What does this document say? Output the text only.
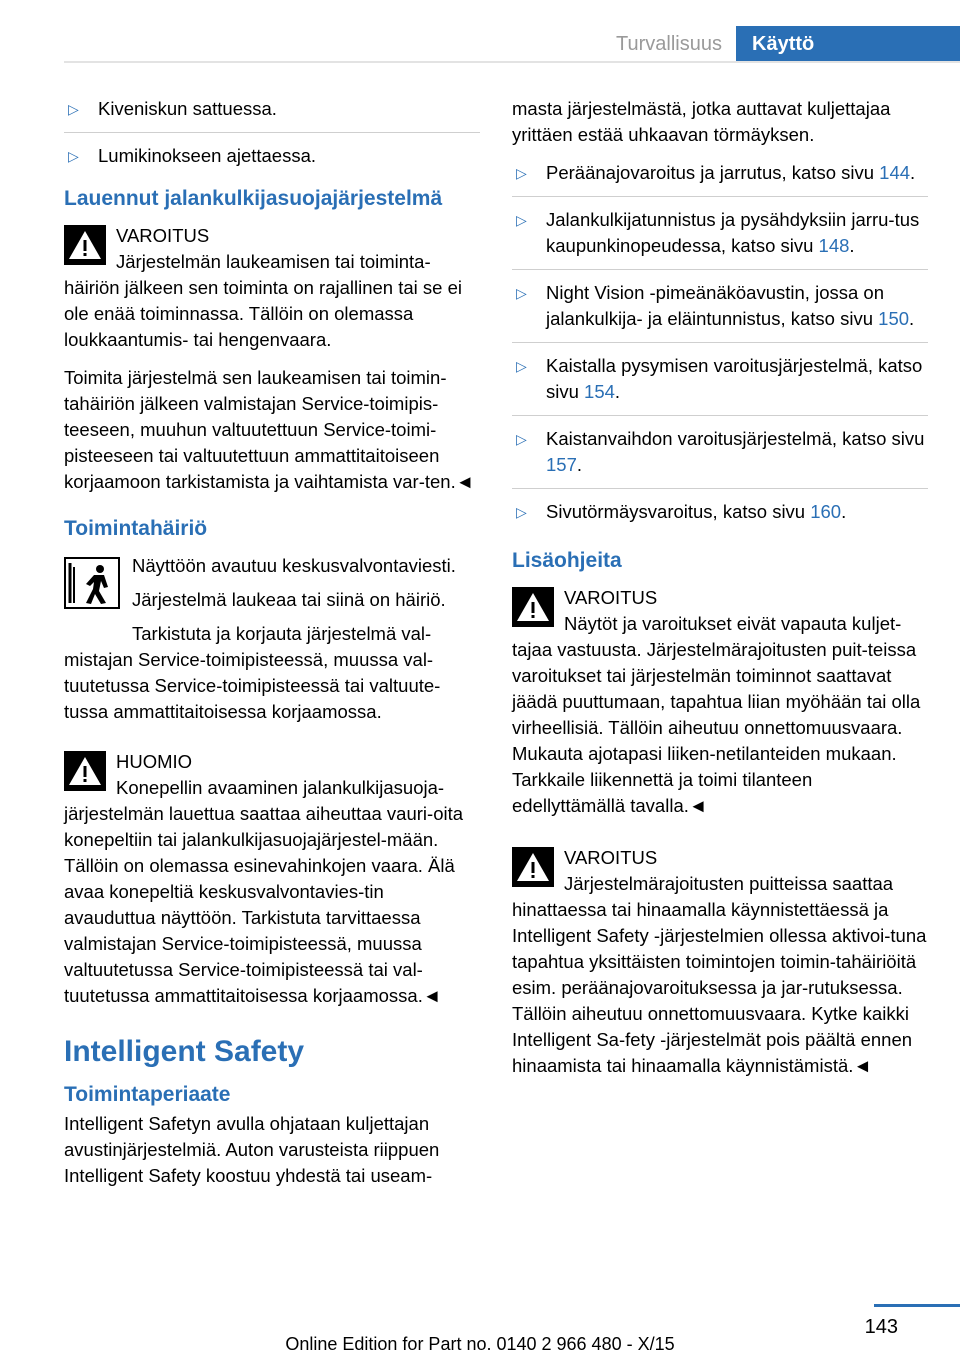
Turvallisuus	Käyttö
▷ Kiveniskun sattuessa.
▷ Lumikinokseen ajettaessa.
Lauennut jalankulkijasuojajärjestelmä
VAROITUS

Järjestelmän laukeamisen tai toiminta-häiriön jälkeen sen toiminta on rajallinen tai se ei ole enää toiminnassa. Tällöin on olemassa loukkaantumis- tai hengenvaara.

Toimita järjestelmä sen laukeamisen tai toimin-tahäiriön jälkeen valmistajan Service-toimipis-teeseen, muuhun valtuutettuun Service-toimi-pisteeseen tai valtuutettuun ammattitaitoiseen korjaamoon tarkistamista ja vaihtamista var-ten.◄

Toimintahäiriö

Näyttöön avautuu keskusvalvontaviesti.

Järjestelmä laukeaa tai siinä on häiriö.

Tarkistuta ja korjauta järjestelmä val-mistajan Service-toimipisteessä, muussa val-tuutetussa Service-toimipisteessä tai valtuute-tussa ammattitaitoisessa korjaamossa.

HUOMIO

Konepellin avaaminen jalankulkijasuoja-järjestelmän lauettua saattaa aiheuttaa vauri-oita konepeltiin tai jalankulkijasuojajärjestel-mään. Tällöin on olemassa esinevahinkojen vaara. Älä avaa konepeltiä keskusvalvontavies-tin avauduttua näyttöön. Tarkistuta tarvittaessa valmistajan Service-toimipisteessä, muussa valtuutetussa Service-toimipisteessä tai val-tuutetussa ammattitaitoisessa korjaamossa.◄

Intelligent Safety
Toimintaperiaate

Intelligent Safetyn avulla ohjataan kuljettajan avustinjärjestelmiä. Auton varusteista riippuen Intelligent Safety koostuu yhdestä tai useam-

masta järjestelmästä, jotka auttavat kuljettajaa yrittäen estää uhkaavan törmäyksen.

▷ Peräänajovaroitus ja jarrutus, katso sivu 144.
▷ Jalankulkijatunnistus ja pysähdyksiin jarru-tus kaupunkinopeudessa, katso sivu 148.
▷ Night Vision -pimeänäköavustin, jossa on jalankulkija- ja eläintunnistus, katso sivu 150.
▷ Kaistalla pysymisen varoitusjärjestelmä, katso sivu 154.
▷ Kaistanvaihdon varoitusjärjestelmä, katso sivu 157.
▷ Sivutörmäysvaroitus, katso sivu 160.
Lisäohjeita
VAROITUS

Näytöt ja varoitukset eivät vapauta kuljet-tajaa vastuusta. Järjestelmärajoitusten puit-teissa varoitukset tai järjestelmän toiminnot saattavat jäädä puuttumaan, tapahtua liian myöhään tai olla virheellisiä. Tällöin aiheutuu onnettomuusvaara. Mukauta ajotapasi liiken-netilanteiden mukaan. Tarkkaile liikennettä ja toimi tilanteen edellyttämällä tavalla.◄

VAROITUS

Järjestelmärajoitusten puitteissa saattaa hinattaessa tai hinaamalla käynnistettäessä ja Intelligent Safety -järjestelmien ollessa aktivoi-tuna tapahtua yksittäisten toimintojen toimin-tahäiriöitä esim. peräänajovaroituksessa ja jar-rutuksessa. Tällöin aiheutuu onnettomuusvaara. Kytke kaikki Intelligent Sa-fety -järjestelmät pois päältä ennen hinaamista tai hinaamalla käynnistämistä.◄

143
Online Edition for Part no. 0140 2 966 480 - X/15
